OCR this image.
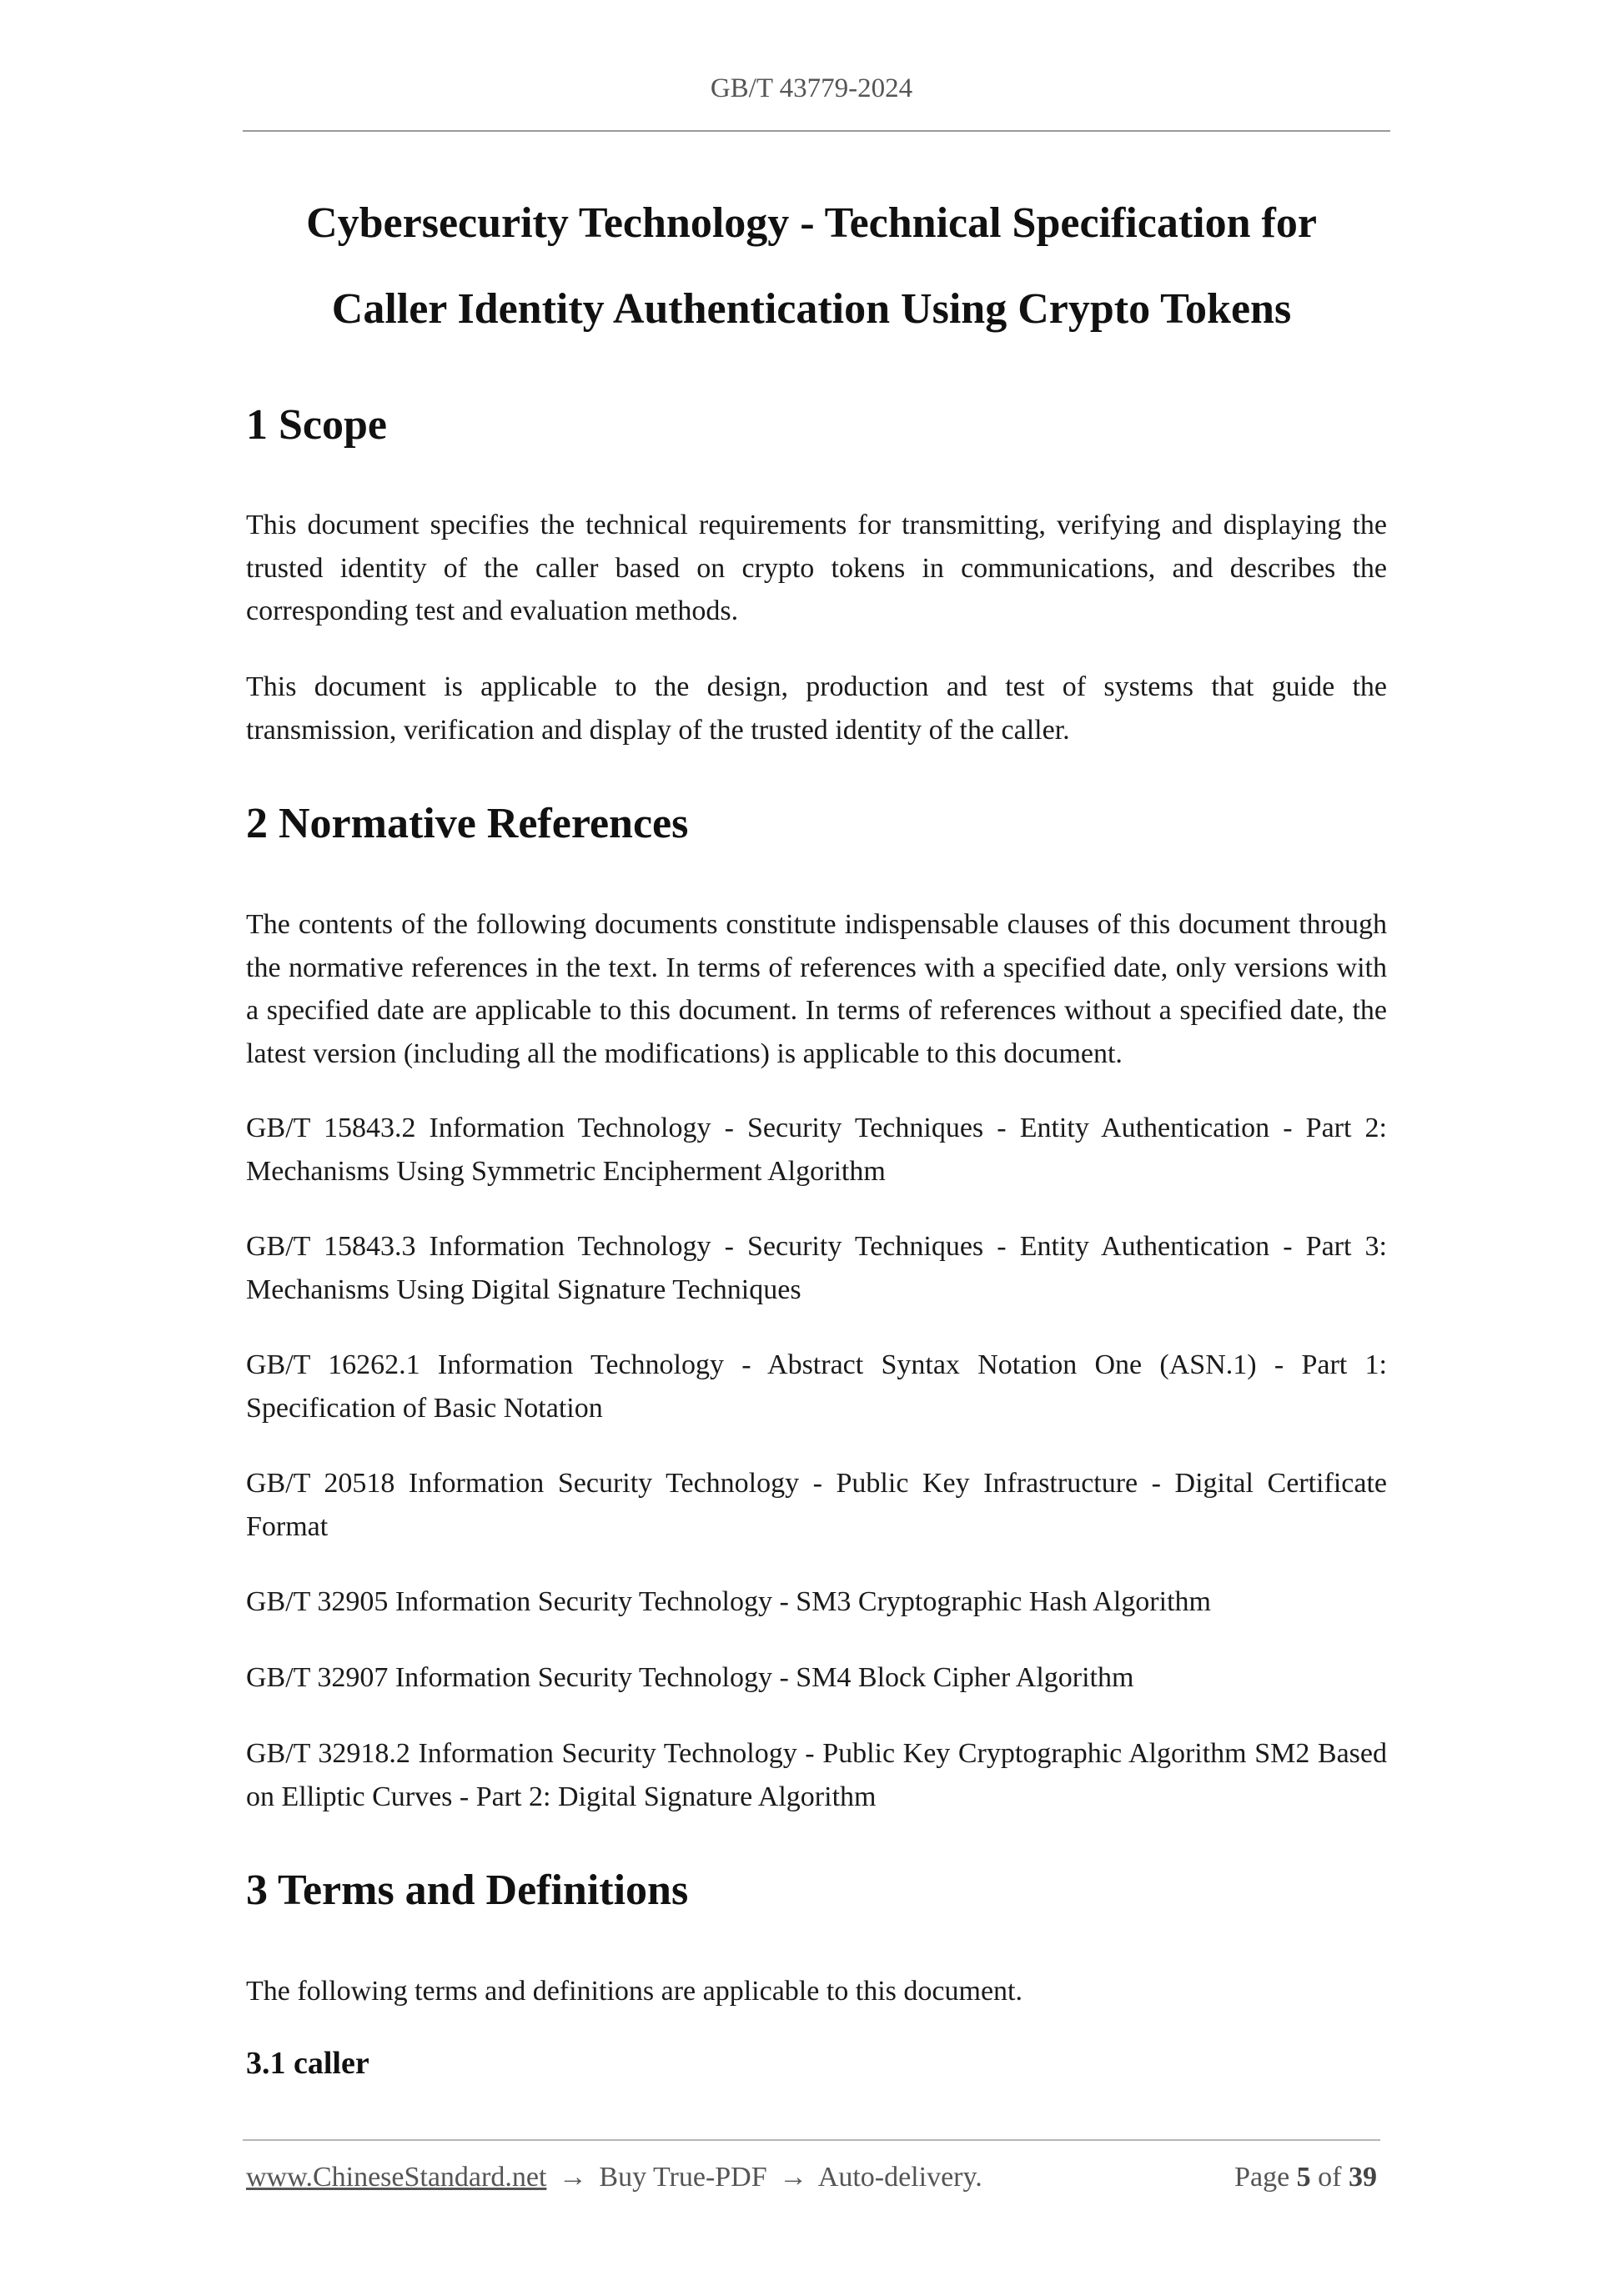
GB/T 43779-2024
Cybersecurity Technology - Technical Specification for
Caller Identity Authentication Using Crypto Tokens
1 Scope

This document specifies the technical requirements for transmitting, verifying and displaying the trusted identity of the caller based on crypto tokens in communications, and describes the corresponding test and evaluation methods.

This document is applicable to the design, production and test of systems that guide the transmission, verification and display of the trusted identity of the caller.

2 Normative References

The contents of the following documents constitute indispensable clauses of this document through the normative references in the text. In terms of references with a specified date, only versions with a specified date are applicable to this document. In terms of references without a specified date, the latest version (including all the modifications) is applicable to this document.

GB/T 15843.2 Information Technology - Security Techniques - Entity Authentication - Part 2: Mechanisms Using Symmetric Encipherment Algorithm

GB/T 15843.3 Information Technology - Security Techniques - Entity Authentication - Part 3: Mechanisms Using Digital Signature Techniques

GB/T 16262.1 Information Technology - Abstract Syntax Notation One (ASN.1) - Part 1: Specification of Basic Notation

GB/T 20518 Information Security Technology - Public Key Infrastructure - Digital Certificate Format

GB/T 32905 Information Security Technology - SM3 Cryptographic Hash Algorithm

GB/T 32907 Information Security Technology - SM4 Block Cipher Algorithm

GB/T 32918.2 Information Security Technology - Public Key Cryptographic Algorithm SM2 Based on Elliptic Curves - Part 2: Digital Signature Algorithm

3 Terms and Definitions

The following terms and definitions are applicable to this document.

3.1 caller
www.ChineseStandard.net → Buy True-PDF → Auto-delivery.	Page 5 of 39
